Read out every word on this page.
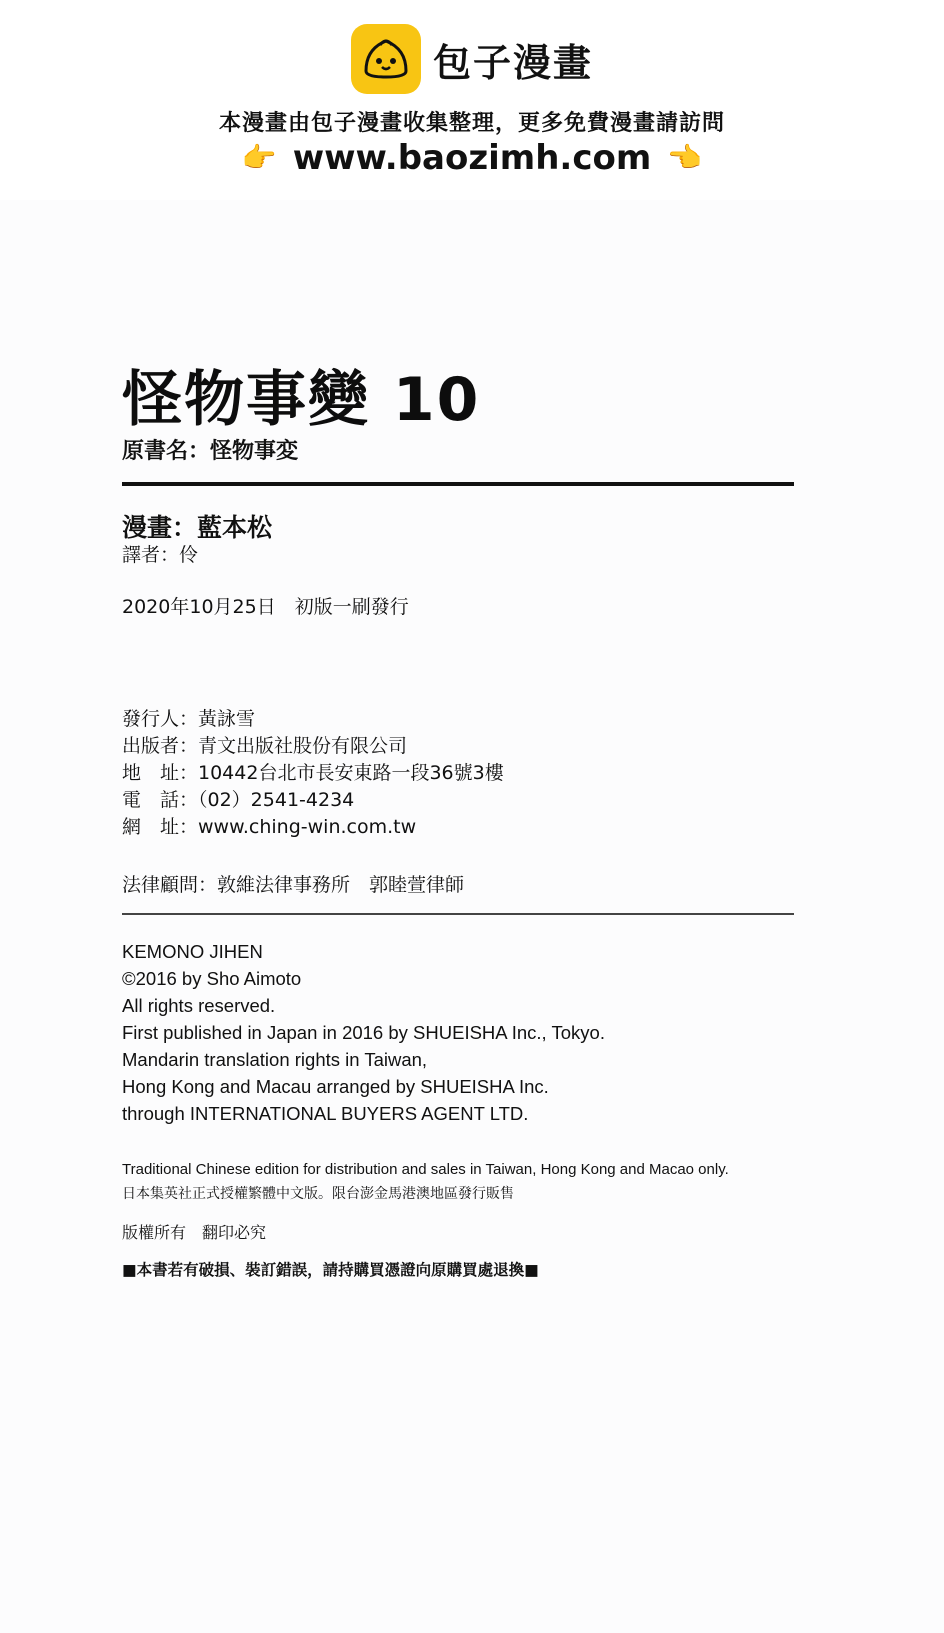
包子漫畫
本漫畫由包子漫畫收集整理，更多免費漫畫請訪問
👉 www.baozimh.com 👈
怪物事變 10
原書名：怪物事変
漫畫：藍本松
譯者：伶
2020年10月25日　初版一刷發行
發行人：黃詠雪
出版者：青文出版社股份有限公司
地　址：10442台北市長安東路一段36號3樓
電　話：（02）2541-4234
網　址：www.ching-win.com.tw
法律顧問：敦維法律事務所　郭睦萱律師
KEMONO JIHEN
©2016 by Sho Aimoto
All rights reserved.
First published in Japan in 2016 by SHUEISHA Inc., Tokyo.
Mandarin translation rights in Taiwan,
Hong Kong and Macau arranged by SHUEISHA Inc.
through INTERNATIONAL BUYERS AGENT LTD.
Traditional Chinese edition for distribution and sales in Taiwan, Hong Kong and Macao only.
日本集英社正式授權繁體中文版。限台澎金馬港澳地區發行販售
版權所有　翻印必究
■本書若有破損、裝訂錯誤，請持購買憑證向原購買處退換■
